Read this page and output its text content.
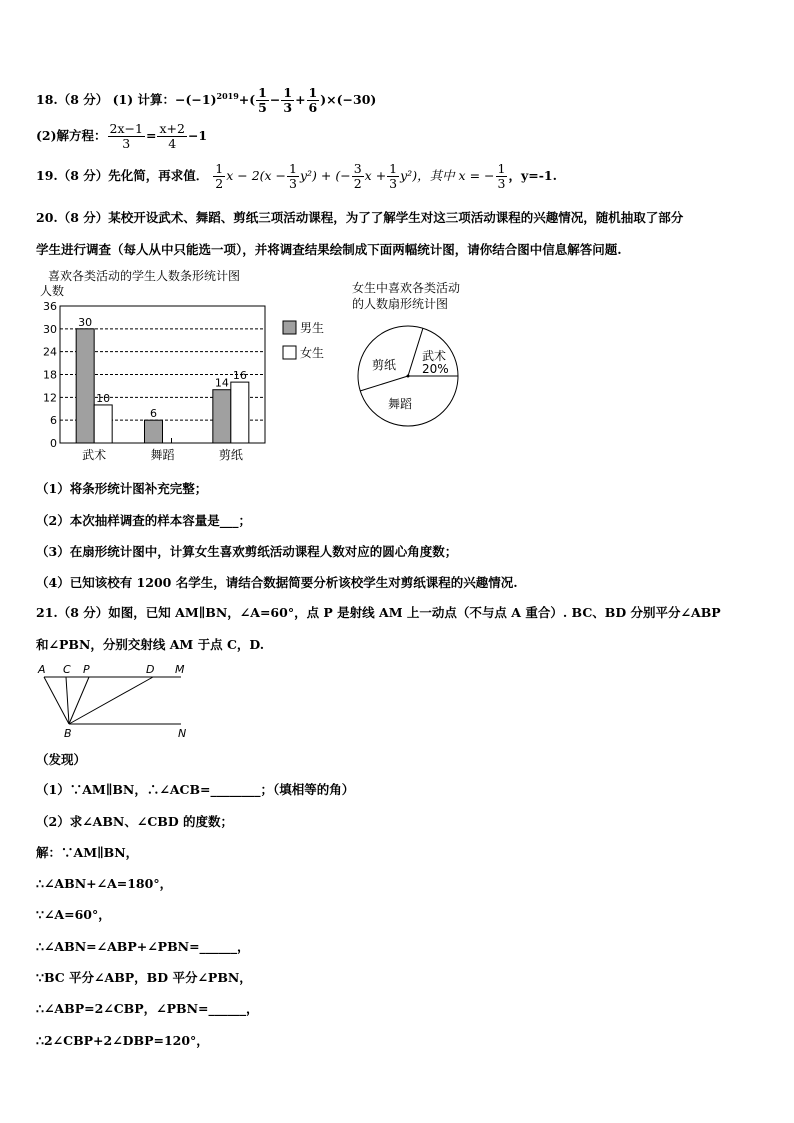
18.（8 分） (1) 计算：$-(-1)^{2019}+( \frac{1}{5} - \frac{1}{3} + \frac{1}{6} )\times(-30)$
(2)解方程： $\frac{2x-1}{3} = \frac{x+2}{4} -1$
19.（8 分）先化简，再求值． $\frac{1}{2}$ $x - 2(x - \frac{1}{3} y^2)$ + (− $\frac{3}{2}$ $x + \frac{1}{3} y^2$)，其中 x = − $\frac{1}{3}$ ，y=-1.
20.（8 分）某校开设武术、舞蹈、剪纸三项活动课程，为了了解学生对这三项活动课程的兴趣情况，随机抽取了部分
学生进行调查（每人从中只能选一项），并将调查结果绘制成下面两幅统计图，请你结合图中信息解答问题.
喜欢各类活动的学生人数条形统计图
人数
0
6
12
18
24
30
36
武术	舞蹈	剪纸
30
10
6
14
16
男生
女生
女生中喜欢各类活动
的人数扇形统计图
武术
20%
剪纸
舞蹈
（1）将条形统计图补充完整；
（2）本次抽样调查的样本容量是___；
（3）在扇形统计图中，计算女生喜欢剪纸活动课程人数对应的圆心角度数；
（4）已知该校有 1200 名学生，请结合数据简要分析该校学生对剪纸课程的兴趣情况.
21.（8 分）如图，已知 AM∥BN，∠A=60°，点 P 是射线 AM 上一动点（不与点 A 重合）. BC、BD 分别平分∠ABP
和∠PBN，分别交射线 AM 于点 C，D.
A C P	D M
B	N
（发现）
（1）∵AM∥BN，∴∠ACB=________；（填相等的角）
（2）求∠ABN、∠CBD 的度数；
解：∵AM∥BN，
∴∠ABN+∠A=180°，
∵∠A=60°，
∴∠ABN=∠ABP+∠PBN=______，
∵BC 平分∠ABP，BD 平分∠PBN，
∴∠ABP=2∠CBP，∠PBN=______，
∴2∠CBP+2∠DBP=120°，
